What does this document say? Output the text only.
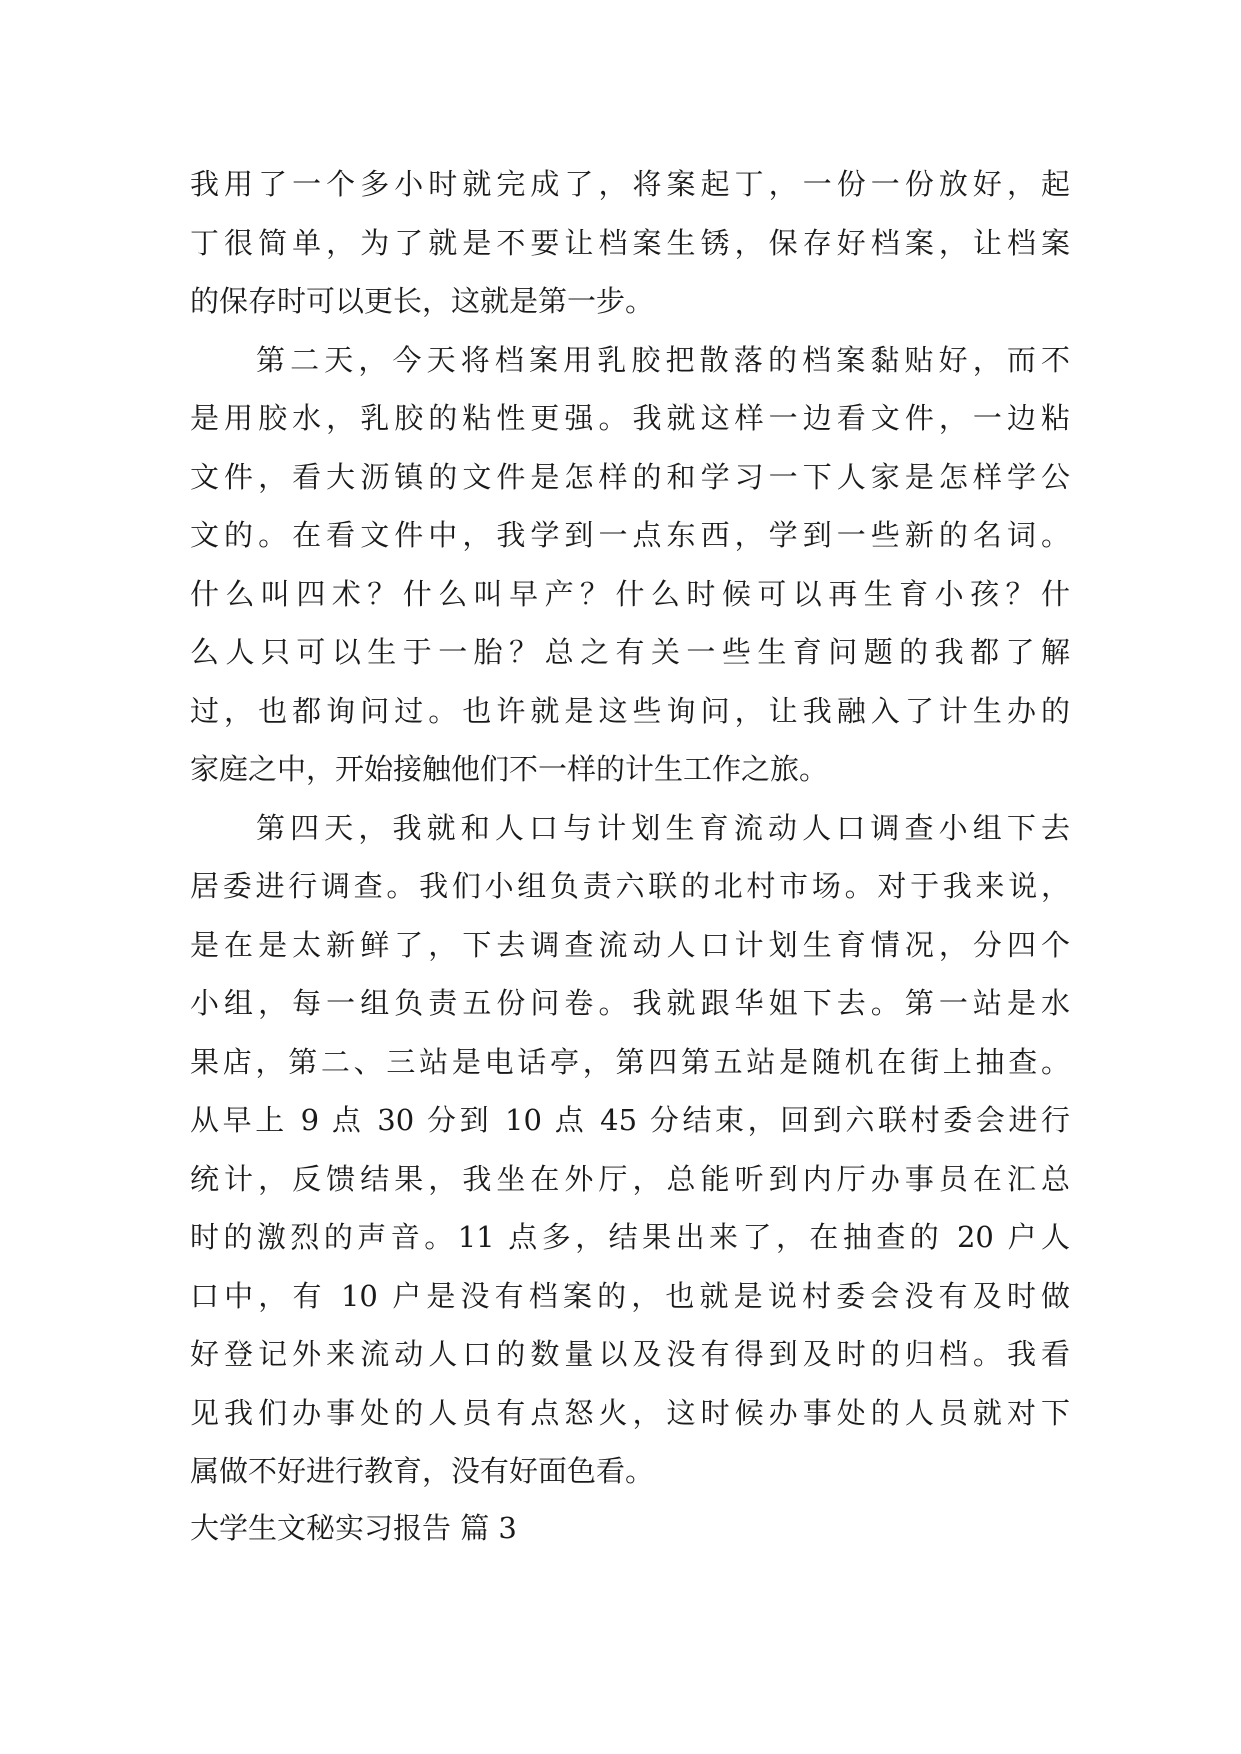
我用了一个多小时就完成了，将案起丁，一份一份放好，起
丁很简单，为了就是不要让档案生锈，保存好档案，让档案
的保存时可以更长，这就是第一步。
第二天，今天将档案用乳胶把散落的档案黏贴好，而不
是用胶水，乳胶的粘性更强。我就这样一边看文件，一边粘
文件，看大沥镇的文件是怎样的和学习一下人家是怎样学公
文的。在看文件中，我学到一点东西，学到一些新的名词。
什么叫四术？什么叫早产？什么时候可以再生育小孩？什
么人只可以生于一胎？总之有关一些生育问题的我都了解
过，也都询问过。也许就是这些询问，让我融入了计生办的
家庭之中，开始接触他们不一样的计生工作之旅。
第四天，我就和人口与计划生育流动人口调查小组下去
居委进行调查。我们小组负责六联的北村市场。对于我来说，
是在是太新鲜了，下去调查流动人口计划生育情况，分四个
小组，每一组负责五份问卷。我就跟华姐下去。第一站是水
果店，第二、三站是电话亭，第四第五站是随机在街上抽查。
从早上 9 点 30 分到 10 点 45 分结束，回到六联村委会进行
统计，反馈结果，我坐在外厅，总能听到内厅办事员在汇总
时的激烈的声音。11 点多，结果出来了，在抽查的 20 户人
口中，有 10 户是没有档案的，也就是说村委会没有及时做
好登记外来流动人口的数量以及没有得到及时的归档。我看
见我们办事处的人员有点怒火，这时候办事处的人员就对下
属做不好进行教育，没有好面色看。
大学生文秘实习报告 篇 3
